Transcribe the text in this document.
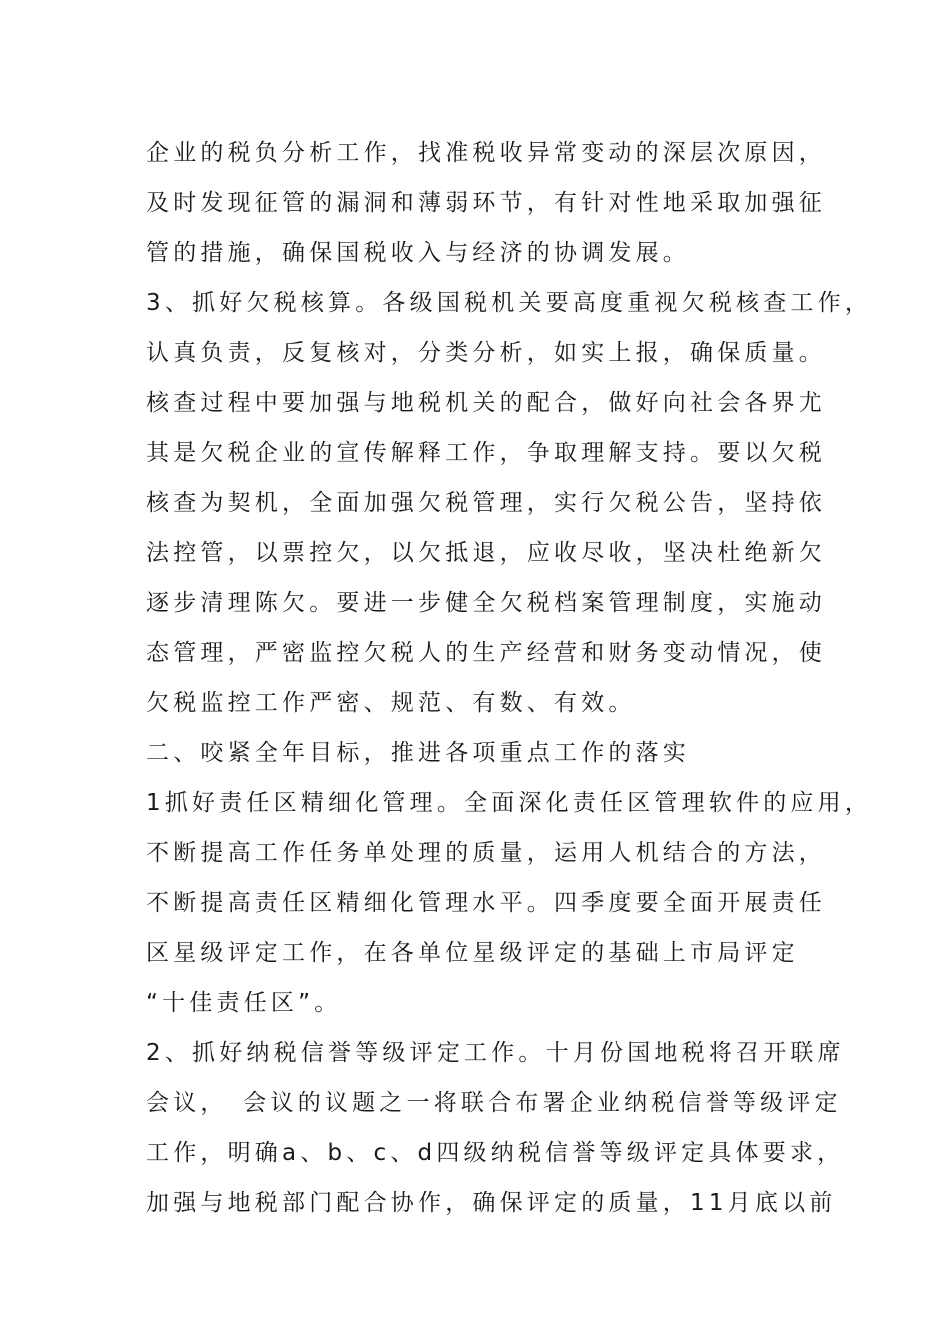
企业的税负分析工作，找准税收异常变动的深层次原因，
及时发现征管的漏洞和薄弱环节，有针对性地采取加强征
管的措施，确保国税收入与经济的协调发展。
3、抓好欠税核算。各级国税机关要高度重视欠税核查工作，
认真负责，反复核对，分类分析，如实上报，确保质量。
核查过程中要加强与地税机关的配合，做好向社会各界尤
其是欠税企业的宣传解释工作，争取理解支持。要以欠税
核查为契机，全面加强欠税管理，实行欠税公告，坚持依
法控管，以票控欠，以欠抵退，应收尽收，坚决杜绝新欠
逐步清理陈欠。要进一步健全欠税档案管理制度，实施动
态管理，严密监控欠税人的生产经营和财务变动情况，使
欠税监控工作严密、规范、有数、有效。
二、咬紧全年目标，推进各项重点工作的落实
1抓好责任区精细化管理。全面深化责任区管理软件的应用，
不断提高工作任务单处理的质量，运用人机结合的方法，
不断提高责任区精细化管理水平。四季度要全面开展责任
区星级评定工作，在各单位星级评定的基础上市局评定
“十佳责任区”。
2、抓好纳税信誉等级评定工作。十月份国地税将召开联席
会议，　会议的议题之一将联合布署企业纳税信誉等级评定
工作，明确a、b、c、d四级纳税信誉等级评定具体要求，
加强与地税部门配合协作，确保评定的质量，11月底以前
